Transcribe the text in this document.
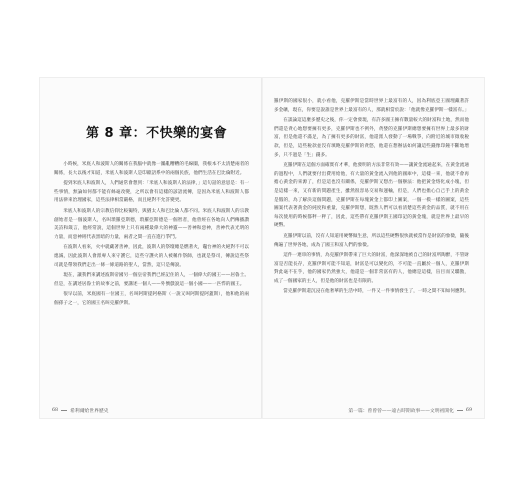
第 8 章：不快樂的宴會

小時候，米底人和波斯人的關係在我腦中就像一團亂糟糟的毛線團，我根本不太清楚兩者的關係，長大以後才知道，米底人和波斯人是印歐語系中的兩個民族，他們生活在巴比倫附近。

提到米底人和波斯人，人們通常會想到：「米底人和波斯人的法律，」這句話的意思是：有一些事情，無論如何都不能有絲毫改變，之所以會有這樣的諺語流傳，是因為米底人和波斯人都用法律來治理國家，這些法律相當嚴格，而且絕對不允許變更。

米底人和波斯人的宗教信仰比較獨特，與猶太人和巴比倫人都不同。米底人和波斯人的宗教創始者是一個波斯人，名叫瑣羅亞斯德，瑣羅亞斯德是一個智者，他曾經在各地向人們傳播讚美詩和箴言，他經常說，這個世界上只有兩種最偉大的神靈——善神和惡神，善神代表光明的力量，而惡神則代表黑暗的力量，兩者之間一直在進行爭鬥。

在波斯人看來，火中就藏著善神，因此，波斯人的祭壇總是燃著火，竈台神的火絕對不可以熄滅，因此波斯人會派專人來守護它，這些守護火的人被稱作祭師，也就是祭司，傳說這些祭司就是帶領我們走出一條一條道路的聖人，當然，這只是傳說。

現在，讓我們來講述波斯帝國另一個皇帝我們已經記住的人，一個偉大的國王——居魯士。但是，在講述居魯士的故事之前，要講述一個人——外號戲說這一個小國——一匹悍的國王。

很早以前，米底國有一位國王，名叫阿斯提阿格斯（一說又叫阿斯提阿蓋斯），他和他的兩個孫子之一，它的國王名叫克羅伊斯。

68	希利爾給世界歷史

羅伊斯的國家很小，就小看他，克羅伊斯是當時世界上最富有的人，因為利底亞王國埋藏著許多金礦，現在，你要是說誰是世界上最富有的人，那就相當於說：「他就像克羅伊斯一樣富有。」

在談論這這麼多歷史之後，你一定會發現，有許多國王擁有數量較大的財富和土地，然而他們還是貪心地想要擁有更多，克羅伊斯也不例外，貪婪的克羅伊斯總想要擁有世界上最多的財富，但是他還不滿足，為了擁有更多的財富，他還派人發動了一場戰爭，向附近的城市徵收稅款，但是，這些稅款並沒有填飽克羅伊斯的貪慾，他還在想辦法如何讓這些錢像印鐘不斷地增多，只不過是「生」錢多。

克羅伊斯在這個方面確實有才華，他發明的方法非常有效——讓黃金流通起來，在黃金流通的過程中，人們就要付出費用給他，有大量的黃金流入到他的國庫中，這樣一來，他就不會再擔心黃金的來源了，但是這也沒有關係，克羅伊斯又想出一個辦法：他把黃金熔化成小塊，但是這樣一來，又有新的問題產生，雖然很容易交易和運輸，但是，人們也擔心自己手上的黃金是假的，為了解決這個問題，克羅伊斯在每塊黃金上都印上圖案，一個一模一樣的圖案，這些圖案代表著黃金的純度和重量，克羅伊斯想，既然人們可以看清楚這些黃金的品質，就不用在每次使用的時候都秤一秤了，因此，這些帶有克羅伊斯王國印記的黃金塊，就是世界上最早的硬幣。

克羅伊斯以前，沒有人知道用硬幣做生意，所以這些硬幣很快就被當作是財富的象徵，隨後傳遍了世界各地，成為了國王和富人們的象徵。

這件一連串的事情，為克羅伊斯帶來了巨大的財富，他深深地被自己的財富所陶醉，不管財富是否能長存，克羅伊斯可能不知道，財富是可以變化的，不可能一直屬於一個人，克羅伊斯對此毫不在乎，他的國家仍然強大，他還是一個非常富有的人，他總是這樣，盲目而又驕傲，成了一個國家的主人，但是他的財富也是有限的。

當克羅伊斯還沉浸在他奢華的生活中時，一件又一件事情發生了，一時之間不知如何應對。

第一篇：曾曾曾——遠古時期故事——文明初開化	69
